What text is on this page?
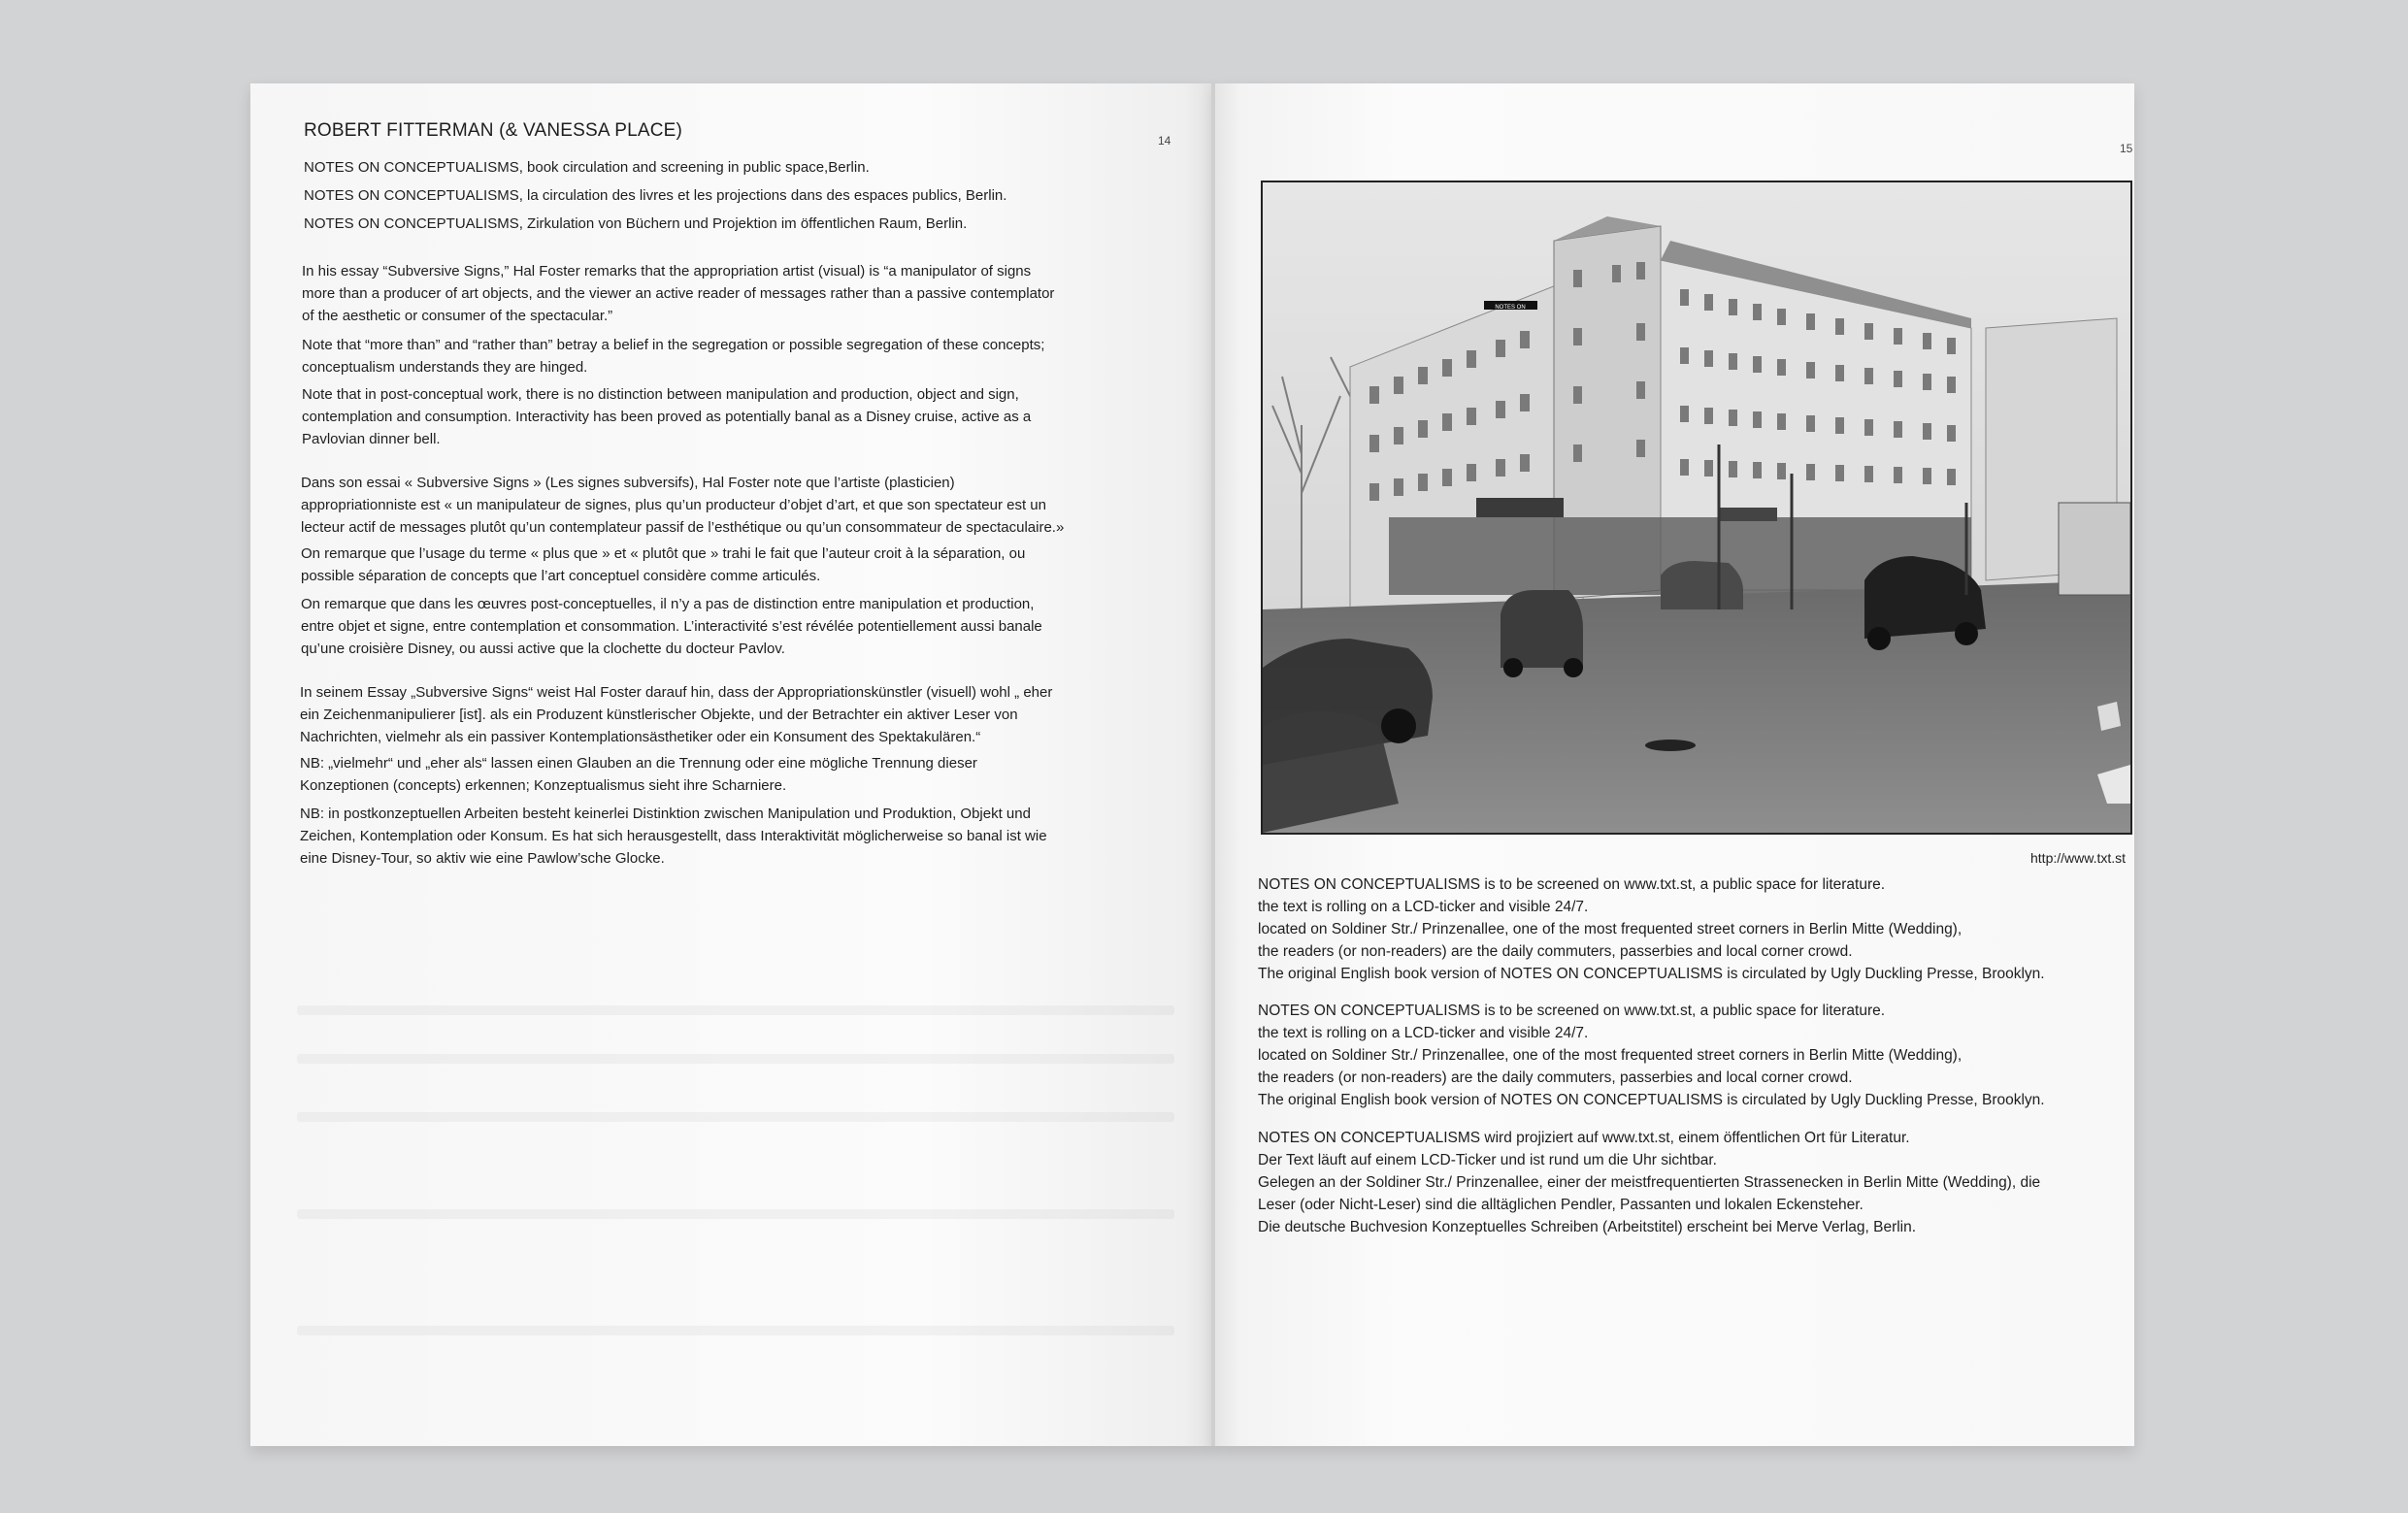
ROBERT FITTERMAN (& VANESSA PLACE)	14
NOTES ON CONCEPTUALISMS, book circulation and screening in public space,Berlin.
NOTES ON CONCEPTUALISMS, la circulation des livres et les projections dans des espaces publics, Berlin.
NOTES ON CONCEPTUALISMS, Zirkulation von Büchern und Projektion im öffentlichen Raum, Berlin.
In his essay “Subversive Signs,” Hal Foster remarks that the appropriation artist (visual) is “a manipulator of signs
more than a producer of art objects, and the viewer an active reader of messages rather than a passive contemplator
of the aesthetic or consumer of the spectacular.”
Note that “more than” and “rather than” betray a belief in the segregation or possible segregation of these concepts;
conceptualism understands they are hinged.
Note that in post-conceptual work, there is no distinction between manipulation and production, object and sign,
contemplation and consumption. Interactivity has been proved as potentially banal as a Disney cruise, active as a
Pavlovian dinner bell.
Dans son essai « Subversive Signs » (Les signes subversifs), Hal Foster note que l’artiste (plasticien)
appropriationniste est « un manipulateur de signes, plus qu’un producteur d’objet d’art, et que son spectateur est un
lecteur actif de messages plutôt qu’un contemplateur passif de l’esthétique ou qu’un consommateur de spectaculaire.»
On remarque que l’usage du terme « plus que » et « plutôt que » trahi le fait que l’auteur croit à la séparation, ou
possible séparation de concepts que l’art conceptuel considère comme articulés.
On remarque que dans les œuvres post-conceptuelles, il n’y a pas de distinction entre manipulation et production,
entre objet et signe, entre contemplation et consommation. L’interactivité s’est révélée potentiellement aussi banale
qu’une croisière Disney, ou aussi active que la clochette du docteur Pavlov.
In seinem Essay „Subversive Signs“ weist Hal Foster darauf hin, dass der Appropriationskünstler (visuell) wohl „ eher
ein Zeichenmanipulierer [ist]. als ein Produzent künstlerischer Objekte, und der Betrachter ein aktiver Leser von
Nachrichten, vielmehr als ein passiver Kontemplationsästhetiker oder ein Konsument des Spektakulären.“
NB: „vielmehr“ und „eher als“ lassen einen Glauben an die Trennung oder eine mögliche Trennung dieser
Konzeptionen (concepts) erkennen; Konzeptualismus sieht ihre Scharniere.
NB: in postkonzeptuellen Arbeiten besteht keinerlei Distinktion zwischen Manipulation und Produktion, Objekt und
Zeichen, Kontemplation oder Konsum. Es hat sich herausgestellt, dass Interaktivität möglicherweise so banal ist wie
eine Disney-Tour, so aktiv wie eine Pawlow’sche Glocke.
15
NOTES ON
http://www.txt.st
NOTES ON CONCEPTUALISMS is to be screened on www.txt.st, a public space for literature.
the text is rolling on a LCD-ticker and visible 24/7.
located on Soldiner Str./ Prinzenallee, one of the most frequented street corners in Berlin Mitte (Wedding),
the readers (or non-readers) are the daily commuters, passerbies and local corner crowd.
The original English book version of NOTES ON CONCEPTUALISMS is circulated by Ugly Duckling Presse, Brooklyn.
NOTES ON CONCEPTUALISMS is to be screened on www.txt.st, a public space for literature.
the text is rolling on a LCD-ticker and visible 24/7.
located on Soldiner Str./ Prinzenallee, one of the most frequented street corners in Berlin Mitte (Wedding),
the readers (or non-readers) are the daily commuters, passerbies and local corner crowd.
The original English book version of NOTES ON CONCEPTUALISMS is circulated by Ugly Duckling Presse, Brooklyn.
NOTES ON CONCEPTUALISMS wird projiziert auf www.txt.st, einem öffentlichen Ort für Literatur.
Der Text läuft auf einem LCD-Ticker und ist rund um die Uhr sichtbar.
Gelegen an der Soldiner Str./ Prinzenallee, einer der meistfrequentierten Strassenecken in Berlin Mitte (Wedding), die
Leser (oder Nicht-Leser) sind die alltäglichen Pendler, Passanten und lokalen Eckensteher.
Die deutsche Buchvesion Konzeptuelles Schreiben (Arbeitstitel) erscheint bei Merve Verlag, Berlin.
